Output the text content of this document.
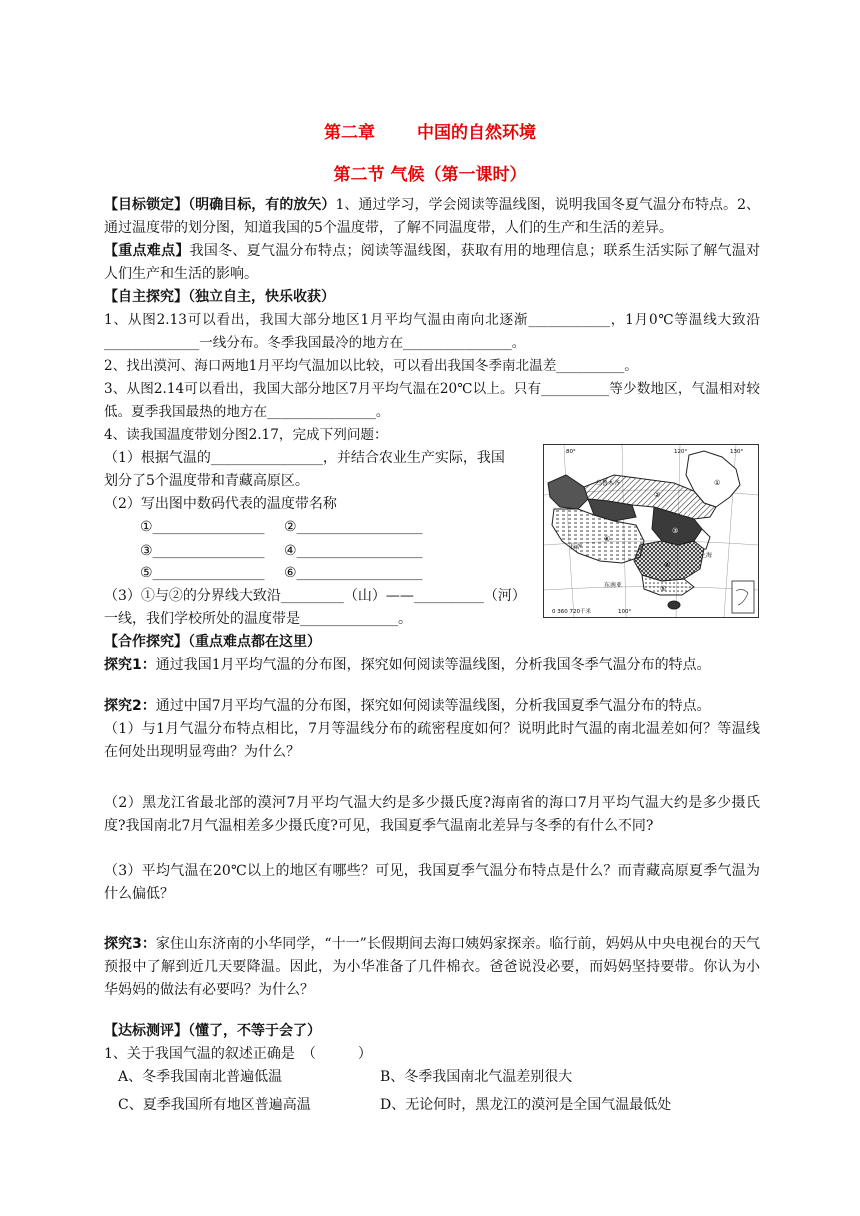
第二章 中国的自然环境
第二节 气候（第一课时）
【目标锁定】（明确目标，有的放矢）1、通过学习，学会阅读等温线图，说明我国冬夏气温分布特点。2、通过温度带的划分图，知道我国的5个温度带，了解不同温度带，人们的生产和生活的差异。
【重点难点】我国冬、夏气温分布特点；阅读等温线图，获取有用的地理信息；联系生活实际了解气温对人们生产和生活的影响。
【自主探究】（独立自主，快乐收获）
1、从图2.13可以看出，我国大部分地区1月平均气温由南向北逐渐____________，1月0℃等温线大致沿______________一线分布。冬季我国最冷的地方在________________。
2、找出漠河、海口两地1月平均气温加以比较，可以看出我国冬季南北温差__________。
3、从图2.14可以看出，我国大部分地区7月平均气温在20℃以上。只有__________等少数地区，气温相对较低。夏季我国最热的地方在________________。
4、读我国温度带划分图2.17，完成下列问题：
（1）根据气温的________________，并结合农业生产实际，我国
划分了5个温度带和青藏高原区。
（2）写出图中数码代表的温度带名称
①________________ ②__________________
③________________ ④__________________
⑤________________ ⑥__________________
（3）①与②的分界线大致沿_________（山）——__________（河）
一线，我们学校所处的温度带是______________。
乌鲁木齐
拉萨
北京
上海
东南亚
0 360 720千米	100°
80°	120°	130°
①
②
③
④
⑤
⑥
【合作探究】（重点难点都在这里）
探究1：通过我国1月平均气温的分布图，探究如何阅读等温线图，分析我国冬季气温分布的特点。
探究2：通过中国7月平均气温的分布图，探究如何阅读等温线图，分析我国夏季气温分布的特点。
（1）与1月气温分布特点相比，7月等温线分布的疏密程度如何？说明此时气温的南北温差如何？等温线在何处出现明显弯曲？为什么？
（2）黑龙江省最北部的漠河7月平均气温大约是多少摄氏度?海南省的海口7月平均气温大约是多少摄氏度?我国南北7月气温相差多少摄氏度?可见，我国夏季气温南北差异与冬季的有什么不同?
（3）平均气温在20℃以上的地区有哪些？可见，我国夏季气温分布特点是什么？而青藏高原夏季气温为什么偏低？
探究3：家住山东济南的小华同学，“十一”长假期间去海口姨妈家探亲。临行前，妈妈从中央电视台的天气预报中了解到近几天要降温。因此，为小华准备了几件棉衣。爸爸说没必要，而妈妈坚持要带。你认为小华妈妈的做法有必要吗？为什么？
【达标测评】（懂了，不等于会了）
1、关于我国气温的叙述正确是　（　　　）
A、冬季我国南北普遍低温	B、冬季我国南北气温差别很大
C、夏季我国所有地区普遍高温	D、无论何时，黑龙江的漠河是全国气温最低处
